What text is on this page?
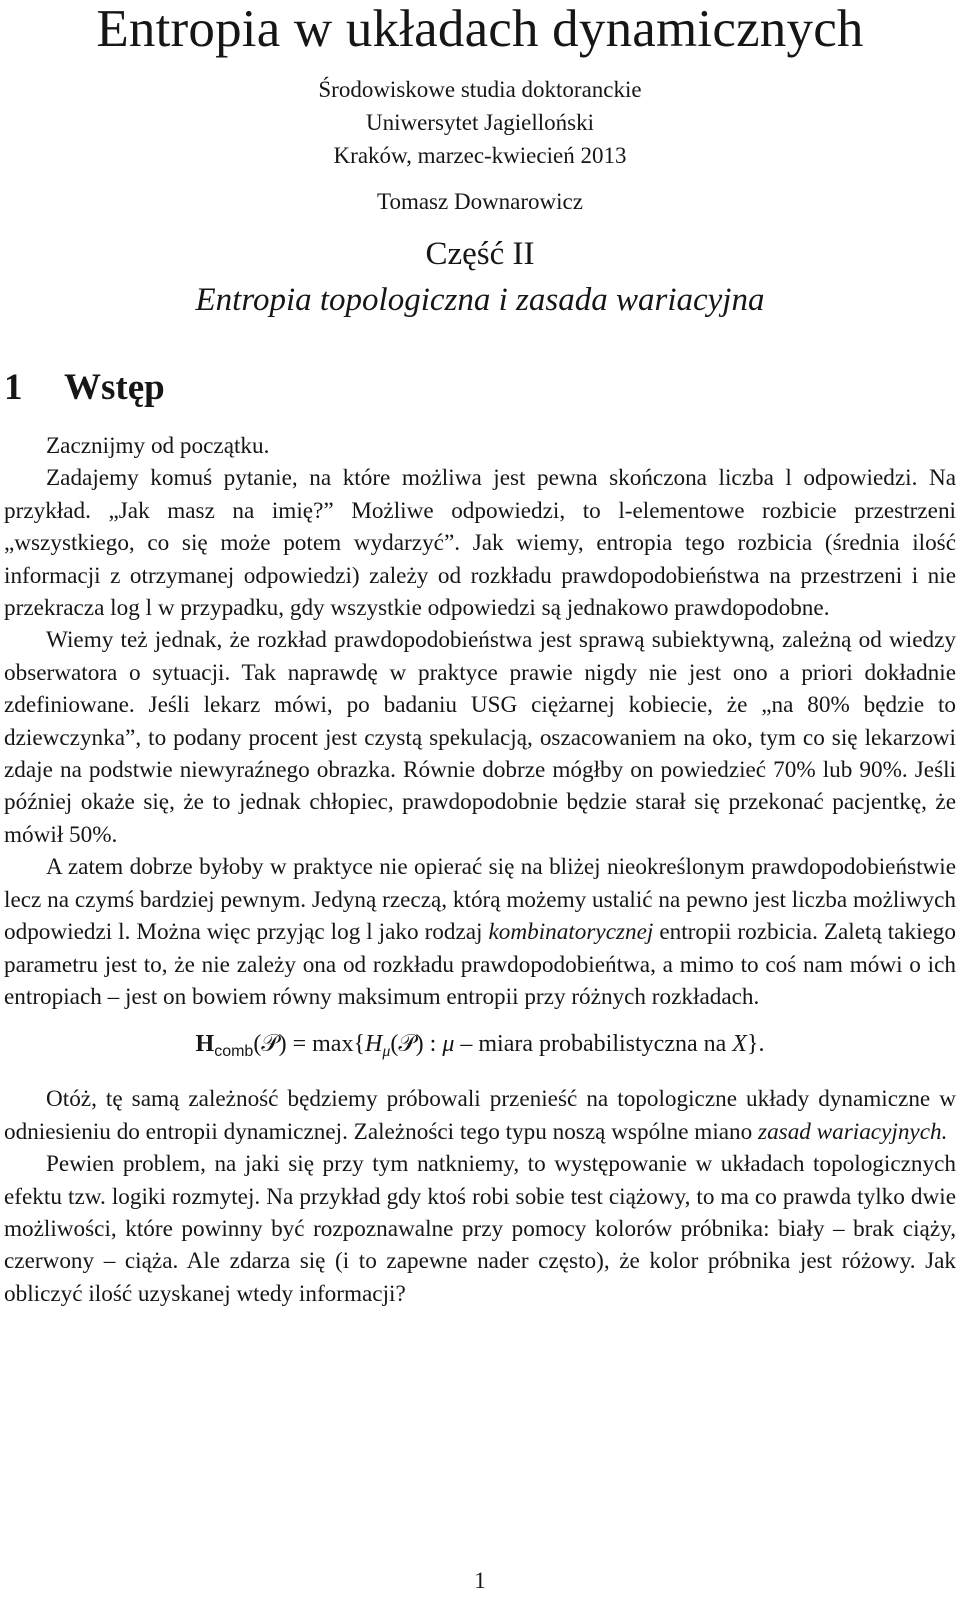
Entropia w układach dynamicznych
Środowiskowe studia doktoranckie
Uniwersytet Jagielloński
Kraków, marzec-kwiecień 2013
Tomasz Downarowicz
Część II
Entropia topologiczna i zasada wariacyjna
1 Wstęp

Zacznijmy od początku.

Zadajemy komuś pytanie, na które możliwa jest pewna skończona liczba l odpowiedzi. Na przykład. „Jak masz na imię?” Możliwe odpowiedzi, to l-elementowe rozbicie przestrzeni „wszystkiego, co się może potem wydarzyć”. Jak wiemy, entropia tego rozbicia (średnia ilość informacji z otrzymanej odpowiedzi) zależy od rozkładu prawdopodobieństwa na przestrzeni i nie przekracza log l w przypadku, gdy wszystkie odpowiedzi są jednakowo prawdopodobne.

Wiemy też jednak, że rozkład prawdopodobieństwa jest sprawą subiektywną, zależną od wiedzy obserwatora o sytuacji. Tak naprawdę w praktyce prawie nigdy nie jest ono a priori dokładnie zdefiniowane. Jeśli lekarz mówi, po badaniu USG ciężarnej kobiecie, że „na 80% będzie to dziewczynka”, to podany procent jest czystą spekulacją, oszacowaniem na oko, tym co się lekarzowi zdaje na podstwie niewyraźnego obrazka. Równie dobrze mógłby on powiedzieć 70% lub 90%. Jeśli później okaże się, że to jednak chłopiec, prawdopodobnie będzie starał się przekonać pacjentkę, że mówił 50%.

A zatem dobrze byłoby w praktyce nie opierać się na bliżej nieokreślonym prawdopodobieństwie lecz na czymś bardziej pewnym. Jedyną rzeczą, którą możemy ustalić na pewno jest liczba możliwych odpowiedzi l. Można więc przyjąc log l jako rodzaj kombinatorycznej entropii rozbicia. Zaletą takiego parametru jest to, że nie zależy ona od rozkładu prawdopodobieńtwa, a mimo to coś nam mówi o ich entropiach – jest on bowiem równy maksimum entropii przy różnych rozkładach.

$H_{comb}(𝒫)$ = $\max\{H_\mu(𝒫)$ : μ – miara probabilistyczna na X}.

Otóż, tę samą zależność będziemy próbowali przenieść na topologiczne układy dynamiczne w odniesieniu do entropii dynamicznej. Zależności tego typu noszą wspólne miano zasad wariacyjnych.

Pewien problem, na jaki się przy tym natkniemy, to występowanie w układach topologicznych efektu tzw. logiki rozmytej. Na przykład gdy ktoś robi sobie test ciążowy, to ma co prawda tylko dwie możliwości, które powinny być rozpoznawalne przy pomocy kolorów próbnika: biały – brak ciąży, czerwony – ciąża. Ale zdarza się (i to zapewne nader często), że kolor próbnika jest różowy. Jak obliczyć ilość uzyskanej wtedy informacji?

1
